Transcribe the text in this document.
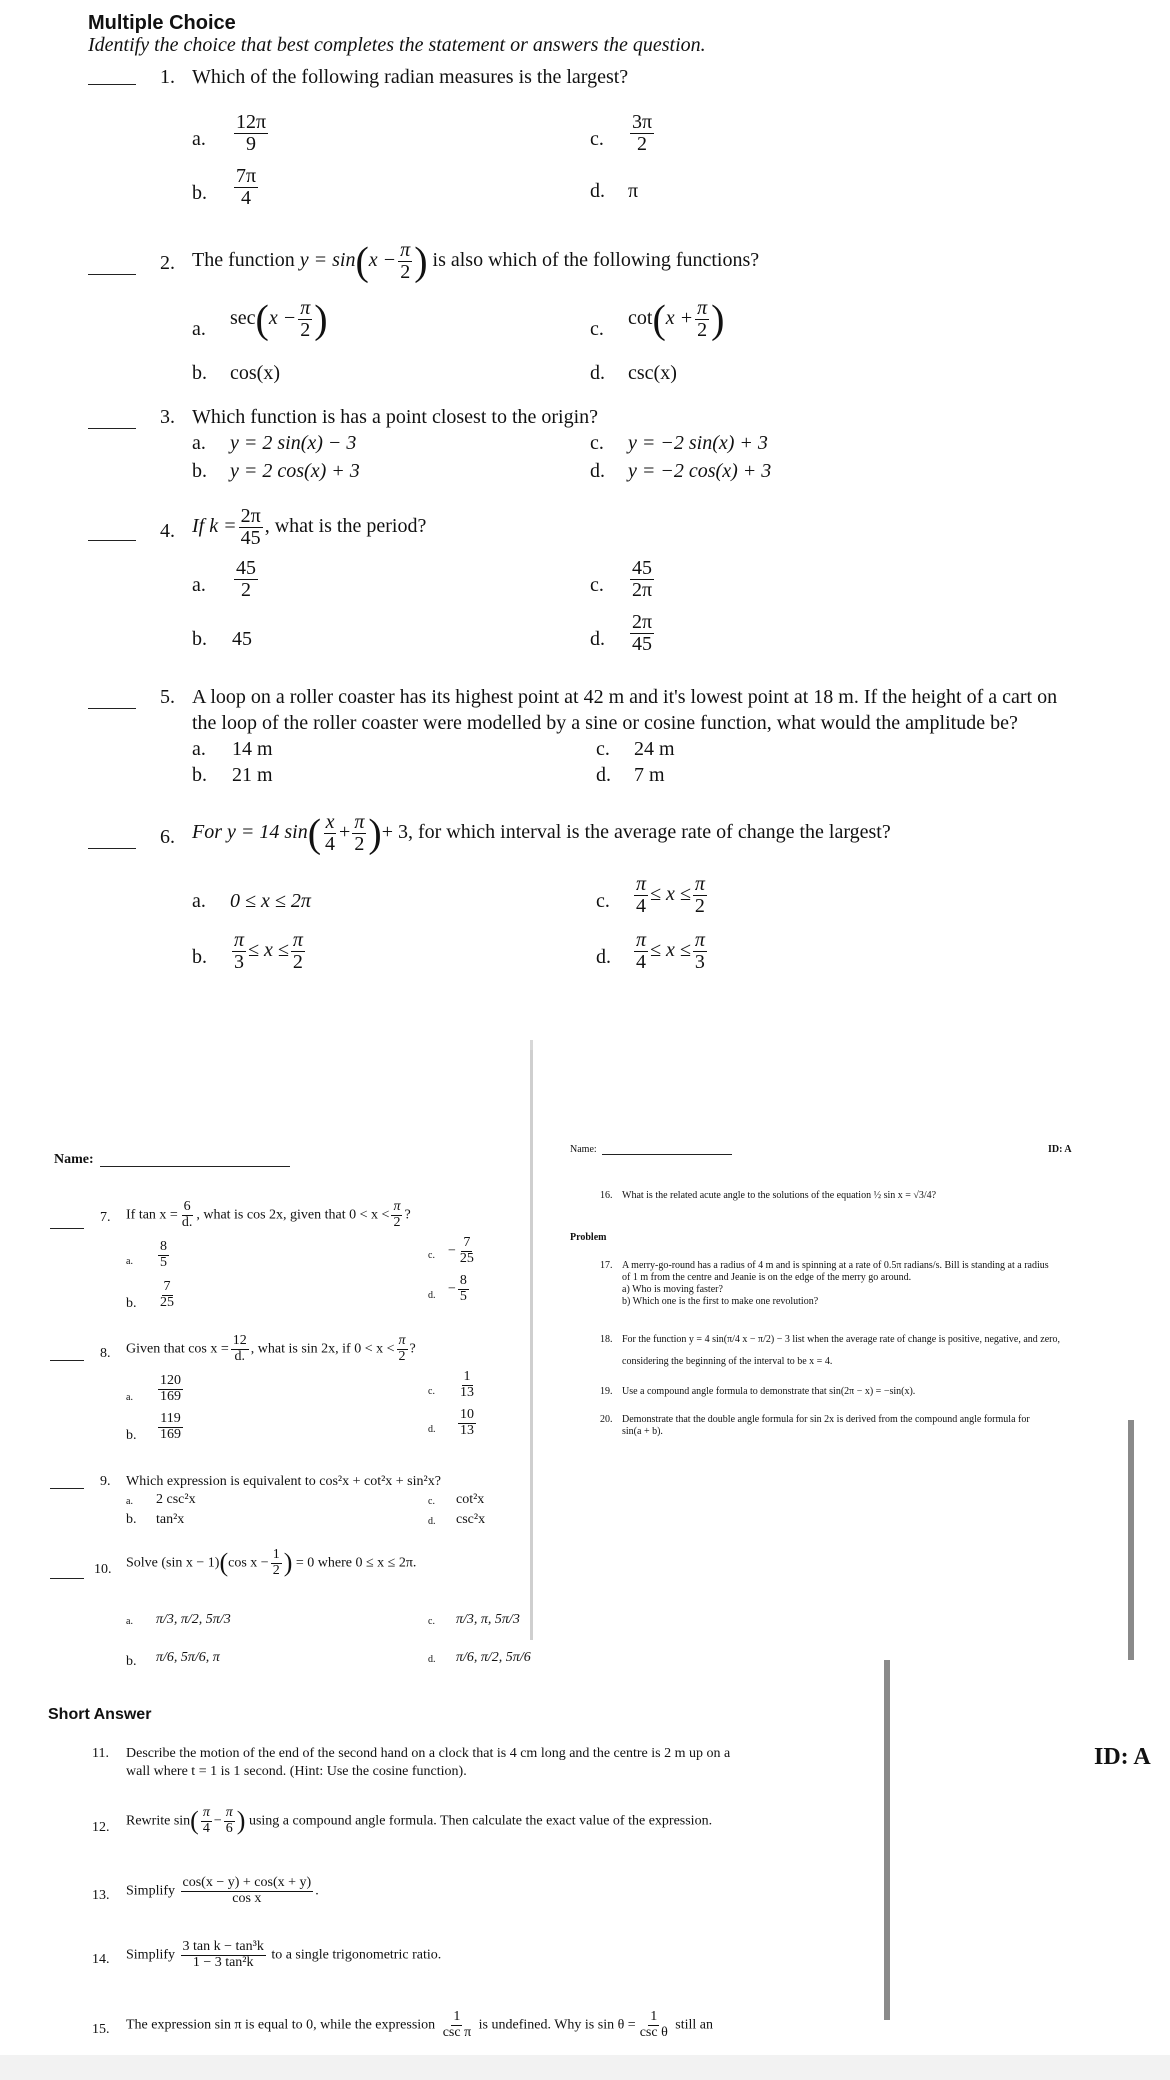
Multiple Choice
Identify the choice that best completes the statement or answers the question.
1. Which of the following radian measures is the largest?
a. $\frac{12\pi}{9}$	c. $\frac{3\pi}{2}$
b. $\frac{7\pi}{4}$	d. π
2. The function $y = \sin(x - \frac{\pi}{2}$ ) is also which of the following functions?
a. $\sec(x - \frac{\pi}{2}$ )	c. $\cot(x + \frac{\pi}{2}$ )
b. cos(x)	d. csc(x)
3. Which function is has a point closest to the origin?
a. y = 2 sin(x) − 3	c. y = −2 sin(x) + 3
b. y = 2 cos(x) + 3	d. y = −2 cos(x) + 3
4. If $k = \frac{2\pi}{45}$ , what is the period?
a. $\frac{45}{2}$	c. $\frac{45}{2\pi}$
b. 45	d. $\frac{2\pi}{45}$
5. A loop on a roller coaster has its highest point at 42 m and it's lowest point at 18 m. If the height of a cart on
the loop of the roller coaster were modelled by a sine or cosine function, what would the amplitude be?
a. 14 m	c. 24 m
b. 21 m	d. 7 m
6. For y = 14 $\sin( \frac{x}{4} + \frac{\pi}{2}$ )+ 3, for which interval is the average rate of change the largest?
a. 0 ≤ x ≤ 2π	c. $\frac{\pi}{4} \le x \le \frac{\pi}{2}$
b. $\frac{\pi}{3} \le x \le \frac{\pi}{2}$	d. $\frac{\pi}{4} \le x \le \frac{\pi}{3}$
Name:
7. If $\tan x = \frac{6}{d.}$ , what is cos 2x, given that $0 < x < \frac{\pi}{2}$ ?
a. $\frac{8}{5}$	c. − $\frac{7}{25}$
b. $\frac{7}{25}$	d. − $\frac{8}{5}$
8. Given that $\cos x = \frac{12}{d.}$ , what is sin 2x, if $0 < x < \frac{\pi}{2}$ ?
a. $\frac{120}{169}$	c. $\frac{1}{13}$
b. $\frac{119}{169}$	d. $\frac{10}{13}$
9. Which expression is equivalent to cos²x + cot²x + sin²x?
a. 2 csc²x	c. cot²x
b. tan²x	d. csc²x
10. Solve (sin x − 1)(cos $x - \frac{1}{2}$ ) = 0 where 0 ≤ x ≤ 2π.
a. π/3, π/2, 5π/3	c. π/3, π, 5π/3
b. π/6, 5π/6, π	d. π/6, π/2, 5π/6
Name:	ID: A
16. What is the related acute angle to the solutions of the equation ½ sin x = √3/4?
Problem
17. A merry-go-round has a radius of 4 m and is spinning at a rate of 0.5π radians/s. Bill is standing at a radius
of 1 m from the centre and Jeanie is on the edge of the merry go around.
a) Who is moving faster?
b) Which one is the first to make one revolution?
18. For the function y = 4 sin(π/4 x − π/2) − 3 list when the average rate of change is positive, negative, and zero,
considering the beginning of the interval to be x = 4.
19. Use a compound angle formula to demonstrate that sin(2π − x) = −sin(x).
20. Demonstrate that the double angle formula for sin 2x is derived from the compound angle formula for
sin(a + b).
Short Answer
ID: A
11. Describe the motion of the end of the second hand on a clock that is 4 cm long and the centre is 2 m up on a
wall where t = 1 is 1 second. (Hint: Use the cosine function).
12. Rewrite $\sin( \frac{\pi}{4} - \frac{\pi}{6}$ ) using a compound angle formula. Then calculate the exact value of the expression.
13. Simplify $\frac{\cos(x - y) + \cos(x + y)}{\text{cos x}}$ .
14. Simplify $\frac{\text{3 tan k − tan³k}}{\text{1 − 3 tan²k}}$ to a single trigonometric ratio.
15. The expression sin π is equal to 0, while the expression $\frac{1}{\text{csc π}}$ is undefined. Why is $\sin \theta = \frac{1}{\text{csc θ}}$ still an
